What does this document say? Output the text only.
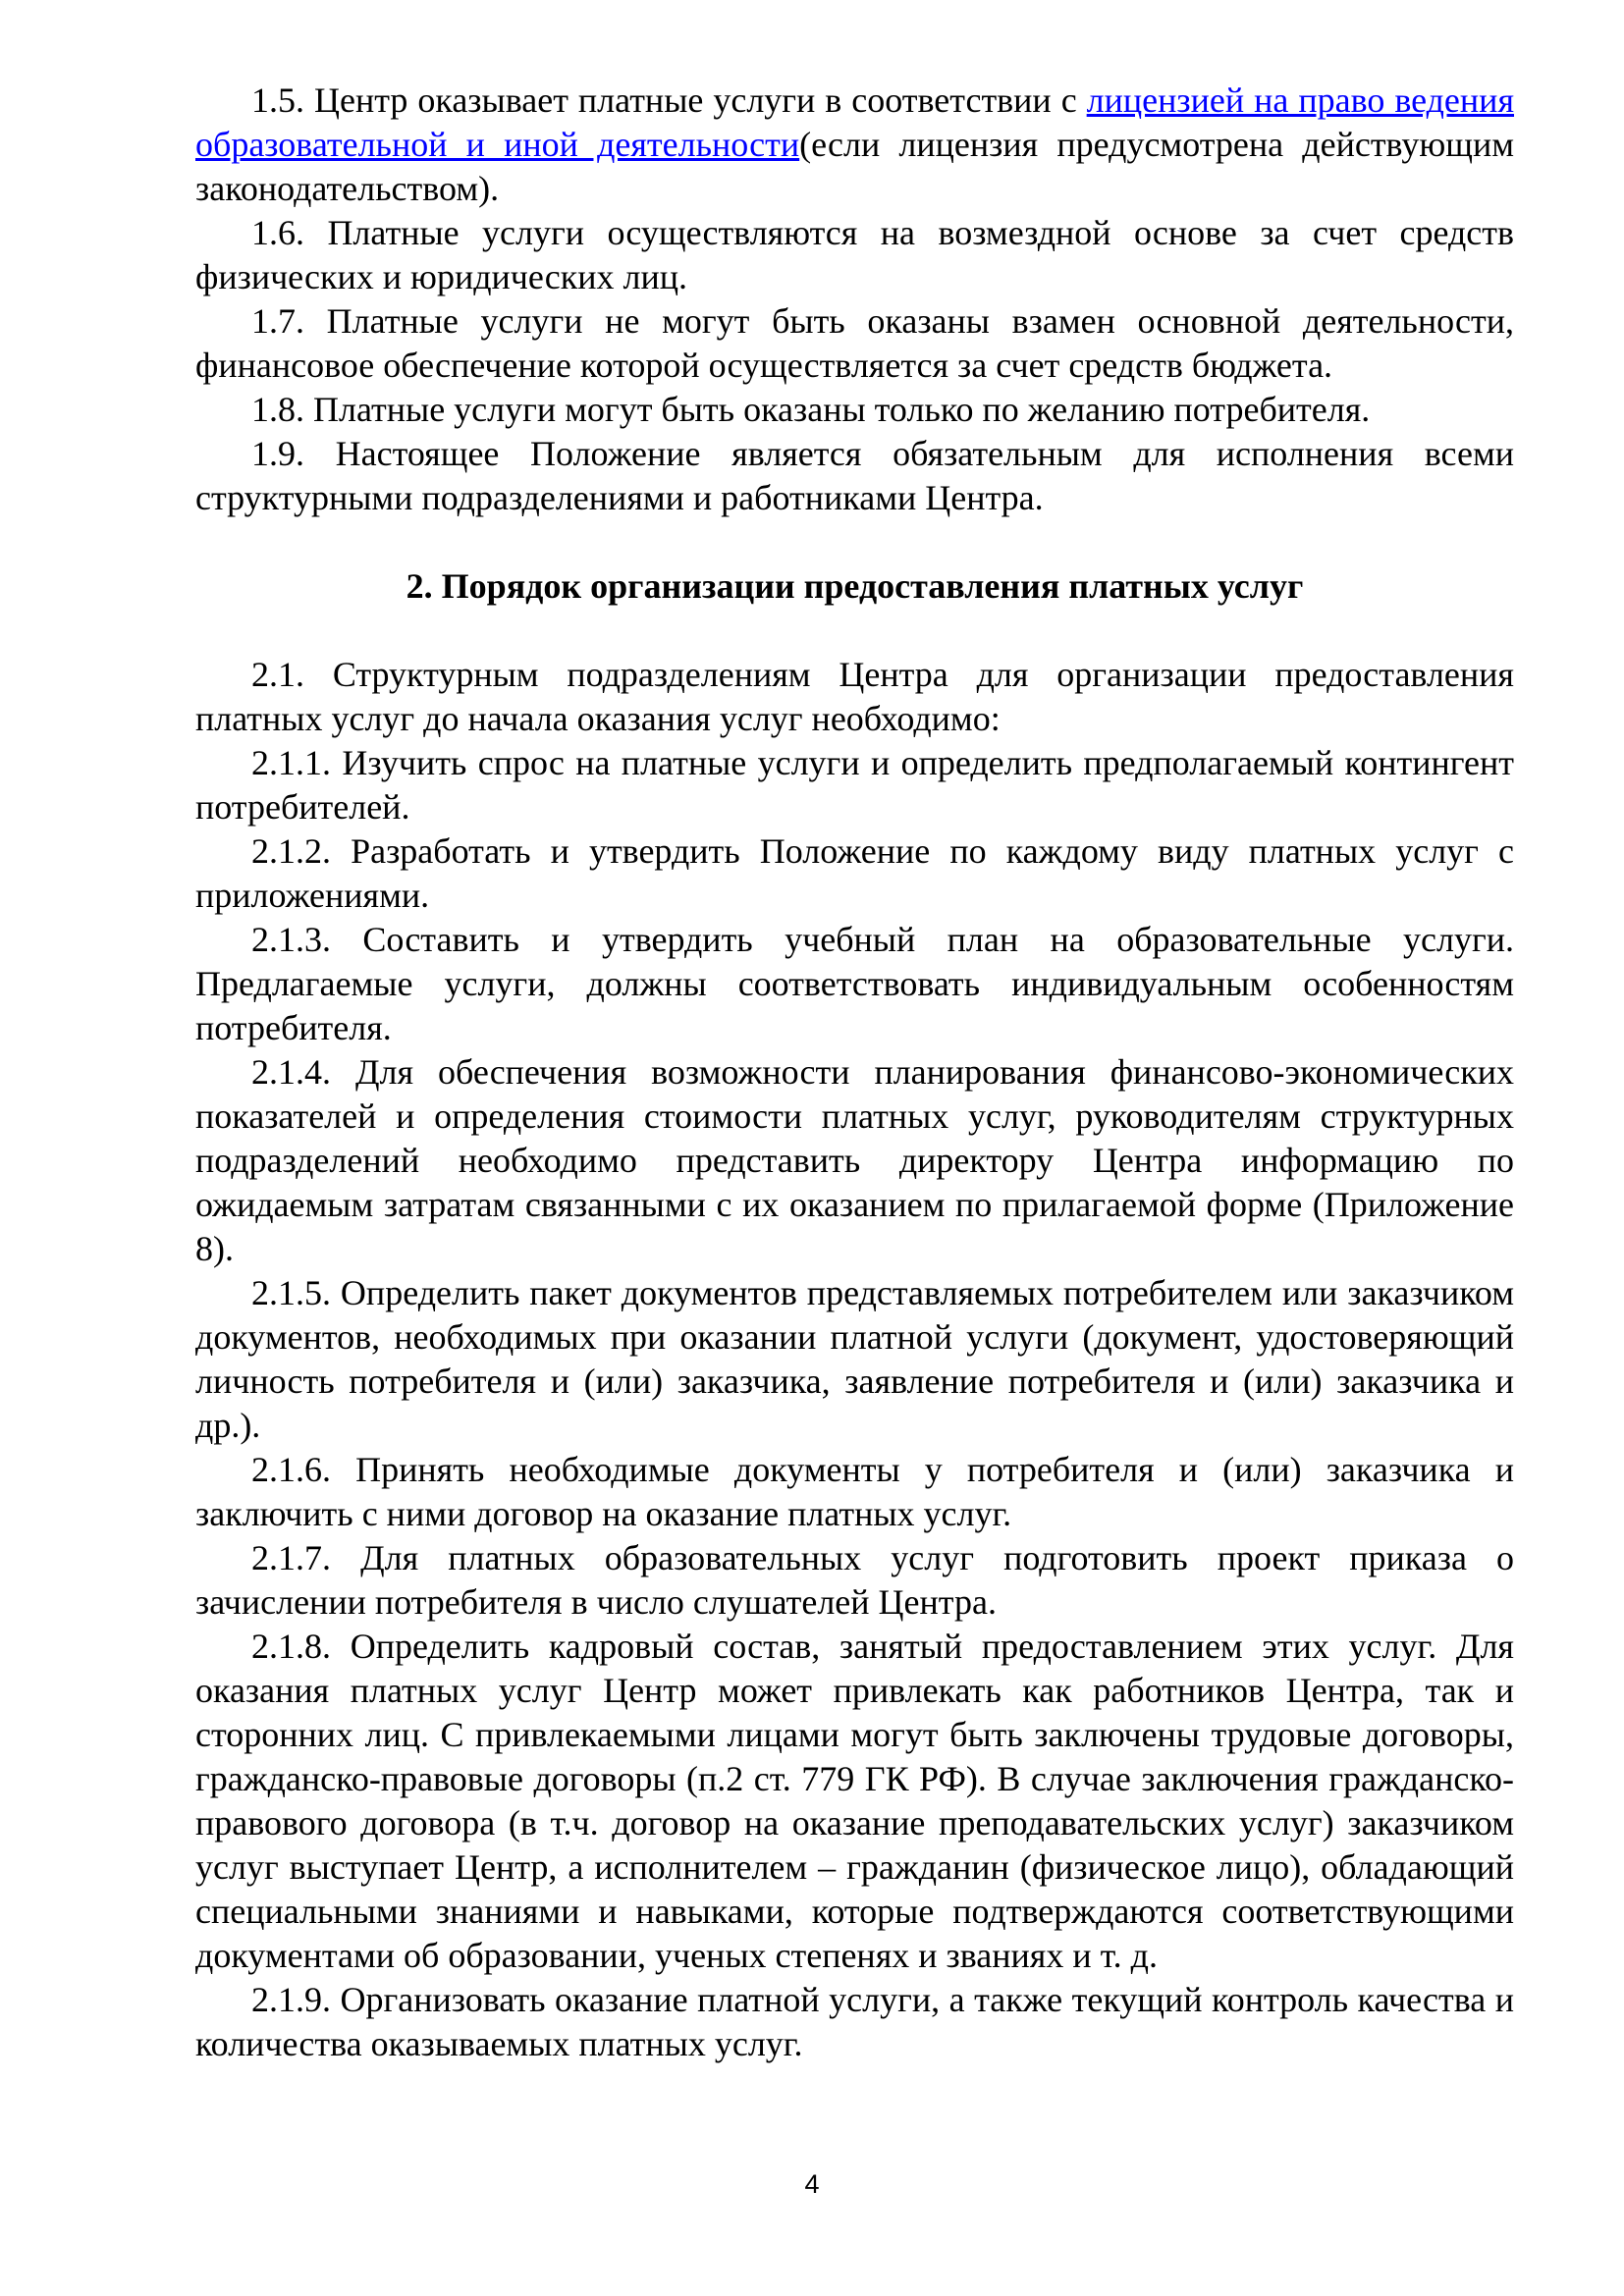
1.5. Центр оказывает платные услуги в соответствии с лицензией на право ведения образовательной и иной деятельности(если лицензия предусмотрена действующим законодательством).

1.6. Платные услуги осуществляются на возмездной основе за счет средств физических и юридических лиц.

1.7. Платные услуги не могут быть оказаны взамен основной деятельности, финансовое обеспечение которой осуществляется за счет средств бюджета.

1.8. Платные услуги могут быть оказаны только по желанию потребителя.

1.9. Настоящее Положение является обязательным для исполнения всеми структурными подразделениями и работниками Центра.

2. Порядок организации предоставления платных услуг

2.1. Структурным подразделениям Центра для организации предоставления платных услуг до начала оказания услуг необходимо:

2.1.1. Изучить спрос на платные услуги и определить предполагаемый контингент потребителей.

2.1.2. Разработать и утвердить Положение по каждому виду платных услуг с приложениями.

2.1.3. Составить и утвердить учебный план на образовательные услуги. Предлагаемые услуги, должны соответствовать индивидуальным особенностям потребителя.

2.1.4. Для обеспечения возможности планирования финансово-экономических показателей и определения стоимости платных услуг, руководителям структурных подразделений необходимо представить директору Центра информацию по ожидаемым затратам связанными с их оказанием по прилагаемой форме (Приложение 8).

2.1.5. Определить пакет документов представляемых потребителем или заказчиком документов, необходимых при оказании платной услуги (документ, удостоверяющий личность потребителя и (или) заказчика, заявление потребителя и (или) заказчика и др.).

2.1.6. Принять необходимые документы у потребителя и (или) заказчика и заключить с ними договор на оказание платных услуг.

2.1.7. Для платных образовательных услуг подготовить проект приказа о зачислении потребителя в число слушателей Центра.

2.1.8. Определить кадровый состав, занятый предоставлением этих услуг. Для оказания платных услуг Центр может привлекать как работников Центра, так и сторонних лиц. С привлекаемыми лицами могут быть заключены трудовые договоры, гражданско-правовые договоры (п.2 ст. 779 ГК РФ). В случае заключения гражданско-правового договора (в т.ч. договор на оказание преподавательских услуг) заказчиком услуг выступает Центр, а исполнителем – гражданин (физическое лицо), обладающий специальными знаниями и навыками, которые подтверждаются соответствующими документами об образовании, ученых степенях и званиях и т. д.

2.1.9. Организовать оказание платной услуги, а также текущий контроль качества и количества оказываемых платных услуг.

4
